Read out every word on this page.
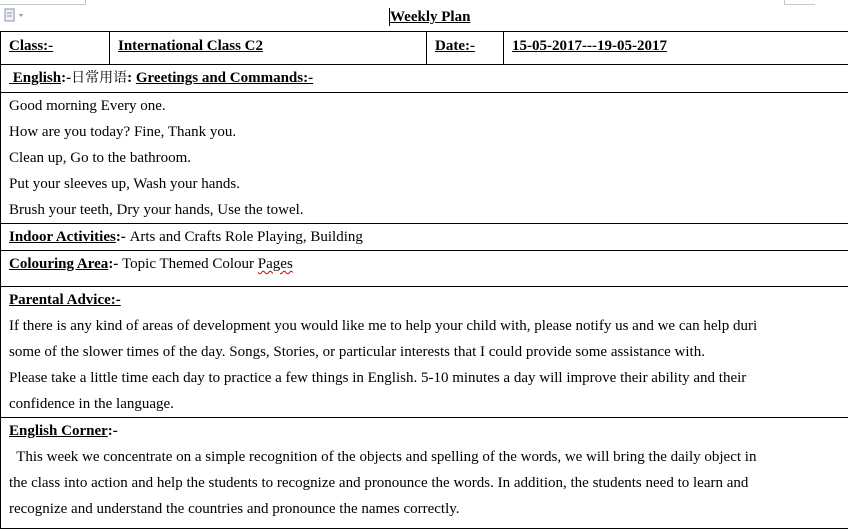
Weekly Plan
Class:-	International Class C2	Date:-	15-05-2017---19-05-2017

English:-日常用语: Greetings and Commands:-

Good morning Every one.
How are you today? Fine, Thank you.
Clean up, Go to the bathroom.
Put your sleeves up, Wash your hands.
Brush your teeth, Dry your hands, Use the towel.

Indoor Activities:- Arts and Crafts Role Playing, Building

Colouring Area:- Topic Themed Colour Pages

Parental Advice:-
If there is any kind of areas of development you would like me to help your child with, please notify us and we can help duri
some of the slower times of the day. Songs, Stories, or particular interests that I could provide some assistance with.
Please take a little time each day to practice a few things in English. 5-10 minutes a day will improve their ability and their
confidence in the language.

English Corner:-
This week we concentrate on a simple recognition of the objects and spelling of the words, we will bring the daily object in
the class into action and help the students to recognize and pronounce the words. In addition, the students need to learn and
recognize and understand the countries and pronounce the names correctly.
